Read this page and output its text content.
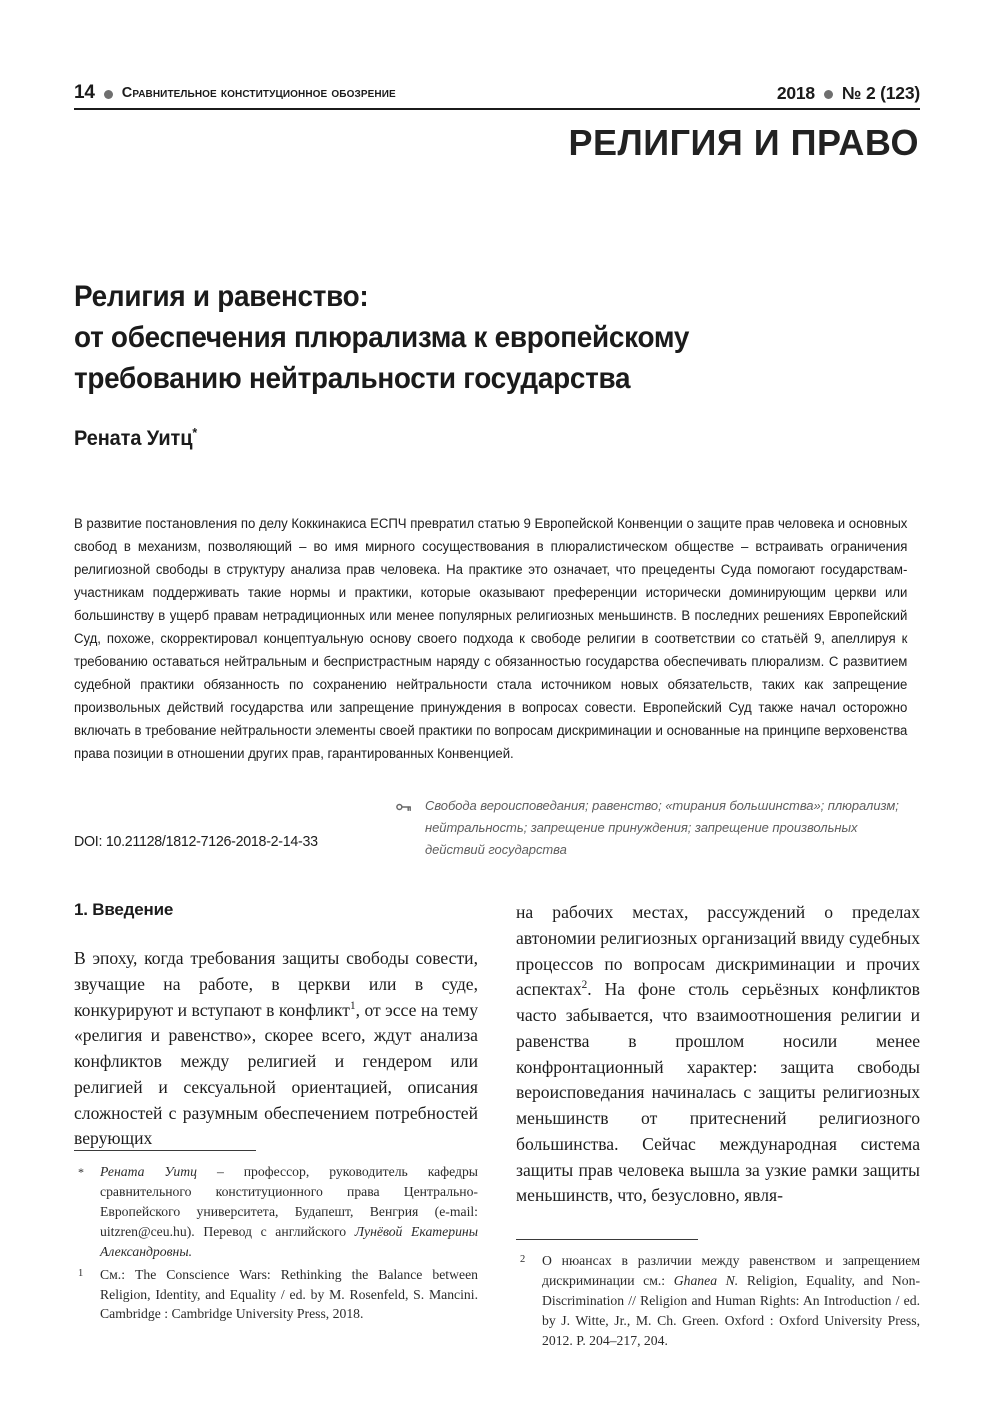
14 сравнительное конституционное обозрение	2018 № 2 (123)
РЕЛИГИЯ И ПРАВО
Религия и равенство:
от обеспечения плюрализма к европейскому
требованию нейтральности государства
Рената Уитц*
В развитие постановления по делу Коккинакиса ЕСПЧ превратил статью 9 Европейской Конвенции о защите прав человека и основных свобод в механизм, позволяющий – во имя мирного сосуществования в плюралистическом обществе – встраивать ограничения религиозной свободы в структуру анализа прав человека. На практике это означает, что прецеденты Суда помогают государствам-участникам поддерживать такие нормы и практики, которые оказывают преференции исторически доминирующим церкви или большинству в ущерб правам нетрадиционных или менее популярных религиозных меньшинств. В последних решениях Европейский Суд, похоже, скорректировал концептуальную основу своего подхода к свободе религии в соответствии со статьёй 9, апеллируя к требованию оставаться нейтральным и беспристрастным наряду с обязанностью государства обеспечивать плюрализм. С развитием судебной практики обязанность по сохранению нейтральности стала источником новых обязательств, таких как запрещение произвольных действий государства или запрещение принуждения в вопросах совести. Европейский Суд также начал осторожно включать в требование нейтральности элементы своей практики по вопросам дискриминации и основанные на принципе верховенства права позиции в отношении других прав, гарантированных Конвенцией.
DOI: 10.21128/1812-7126-2018-2-14-33
Свобода вероисповедания; равенство; «тирания большинства»; плюрализм; нейтральность; запрещение принуждения; запрещение произвольных действий государства
1. Введение

В эпоху, когда требования защиты свободы совести, звучащие на работе, в церкви или в суде, конкурируют и вступают в конфликт$^1$, от эссе на тему «религия и равенство», скорее всего, ждут анализа конфликтов между религией и гендером или религией и сексуальной ориентацией, описания сложностей с разумным обеспечением потребностей верующих

на рабочих местах, рассуждений о пределах автономии религиозных организаций ввиду судебных процессов по вопросам дискриминации и прочих аспектах$^2$. На фоне столь серьёзных конфликтов часто забывается, что взаимоотношения религии и равенства в прошлом носили менее конфронтационный характер: защита свободы вероисповедания начиналась с защиты религиозных меньшинств от притеснений религиозного большинства. Сейчас международная система защиты прав человека вышла за узкие рамки защиты меньшинств, что, безусловно, явля-

*	Рената Уитц – профессор, руководитель кафедры сравнительного конституционного права Центрально-Европейского университета, Будапешт, Венгрия (e-mail: uitzren@ceu.hu). Перевод с английского Лунёвой Екатерины Александровны.
1	См.: The Conscience Wars: Rethinking the Balance between Religion, Identity, and Equality / ed. by M. Rosenfeld, S. Mancini. Cambridge : Cambridge University Press, 2018.
2	О нюансах в различии между равенством и запрещением дискриминации см.: Ghanea N. Religion, Equality, and Non-Discrimination // Religion and Human Rights: An Introduction / ed. by J. Witte, Jr., M. Ch. Green. Oxford : Oxford University Press, 2012. P. 204–217, 204.
